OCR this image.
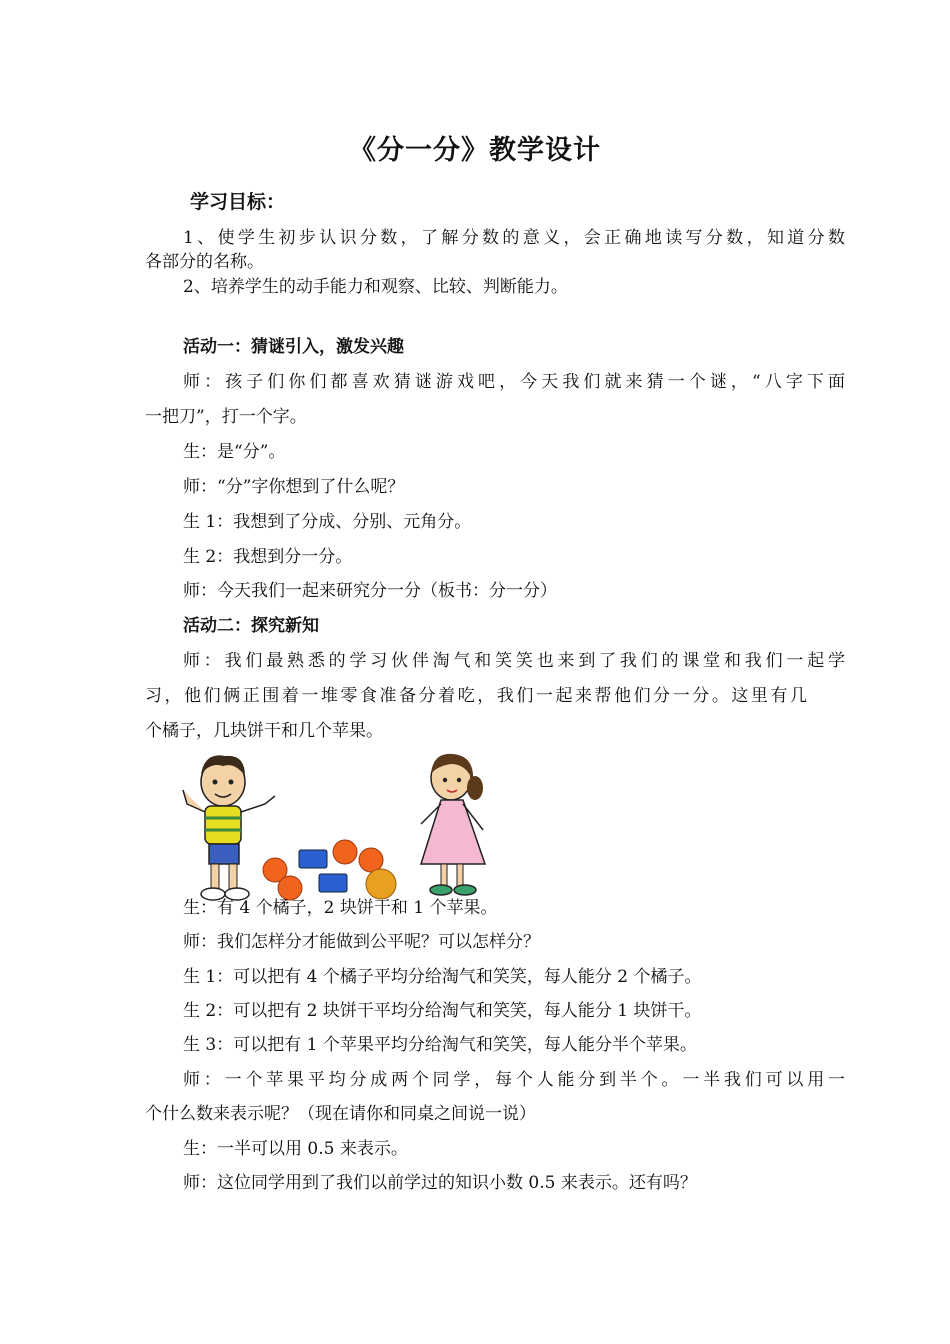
《分一分》教学设计
学习目标：
1、使学生初步认识分数，了解分数的意义，会正确地读写分数，知道分数
各部分的名称。
2、培养学生的动手能力和观察、比较、判断能力。
活动一：猜谜引入，激发兴趣
师：孩子们你们都喜欢猜谜游戏吧，今天我们就来猜一个谜，“八字下面
一把刀”，打一个字。
生：是“分”。
师：“分”字你想到了什么呢？
生 1：我想到了分成、分别、元角分。
生 2：我想到分一分。
师：今天我们一起来研究分一分（板书：分一分）
活动二：探究新知
师：我们最熟悉的学习伙伴淘气和笑笑也来到了我们的课堂和我们一起学
习，他们俩正围着一堆零食准备分着吃，我们一起来帮他们分一分。这里有几
个橘子，几块饼干和几个苹果。
生：有 4 个橘子，2 块饼干和 1 个苹果。
师：我们怎样分才能做到公平呢？可以怎样分？
生 1：可以把有 4 个橘子平均分给淘气和笑笑，每人能分 2 个橘子。
生 2：可以把有 2 块饼干平均分给淘气和笑笑，每人能分 1 块饼干。
生 3：可以把有 1 个苹果平均分给淘气和笑笑，每人能分半个苹果。
师：一个苹果平均分成两个同学，每个人能分到半个。一半我们可以用一
个什么数来表示呢？（现在请你和同桌之间说一说）
生：一半可以用 0.5 来表示。
师：这位同学用到了我们以前学过的知识小数 0.5 来表示。还有吗？
